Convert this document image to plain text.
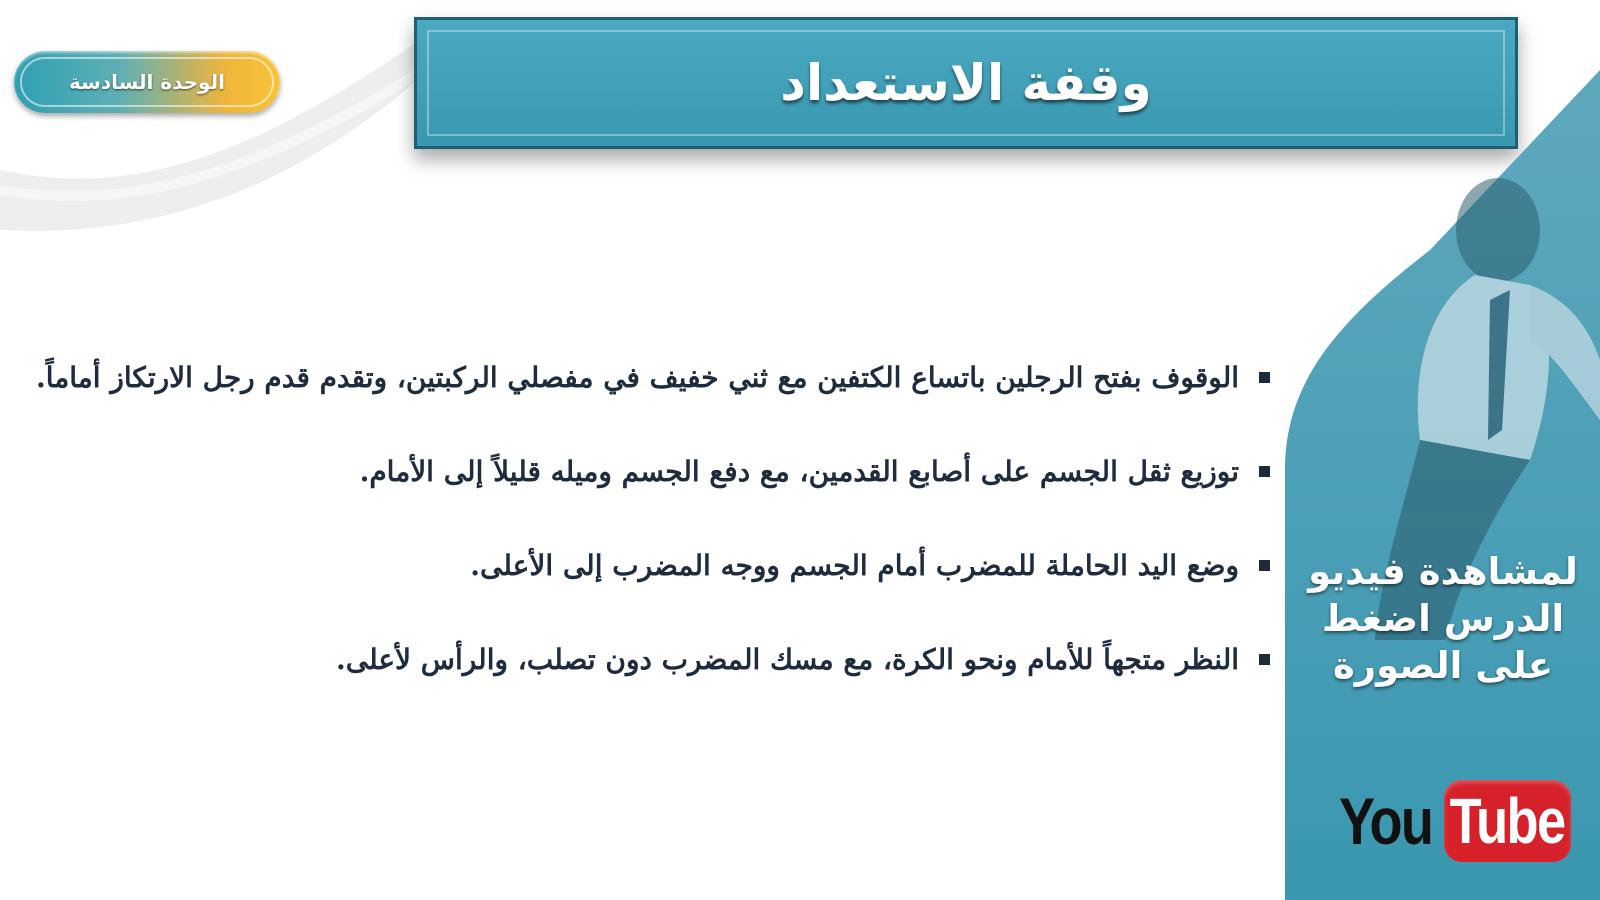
الوحدة السادسة	وقفة الاستعداد
الوقوف بفتح الرجلين باتساع الكتفين مع ثني خفيف في مفصلي الركبتين، وتقدم قدم رجل الارتكاز أماماً.
توزيع ثقل الجسم على أصابع القدمين، مع دفع الجسم وميله قليلاً إلى الأمام.
وضع اليد الحاملة للمضرب أمام الجسم ووجه المضرب إلى الأعلى.
النظر متجهاً للأمام ونحو الكرة، مع مسك المضرب دون تصلب، والرأس لأعلى.
لمشاهدة فيديو
الدرس اضغط
على الصورة
You Tube
